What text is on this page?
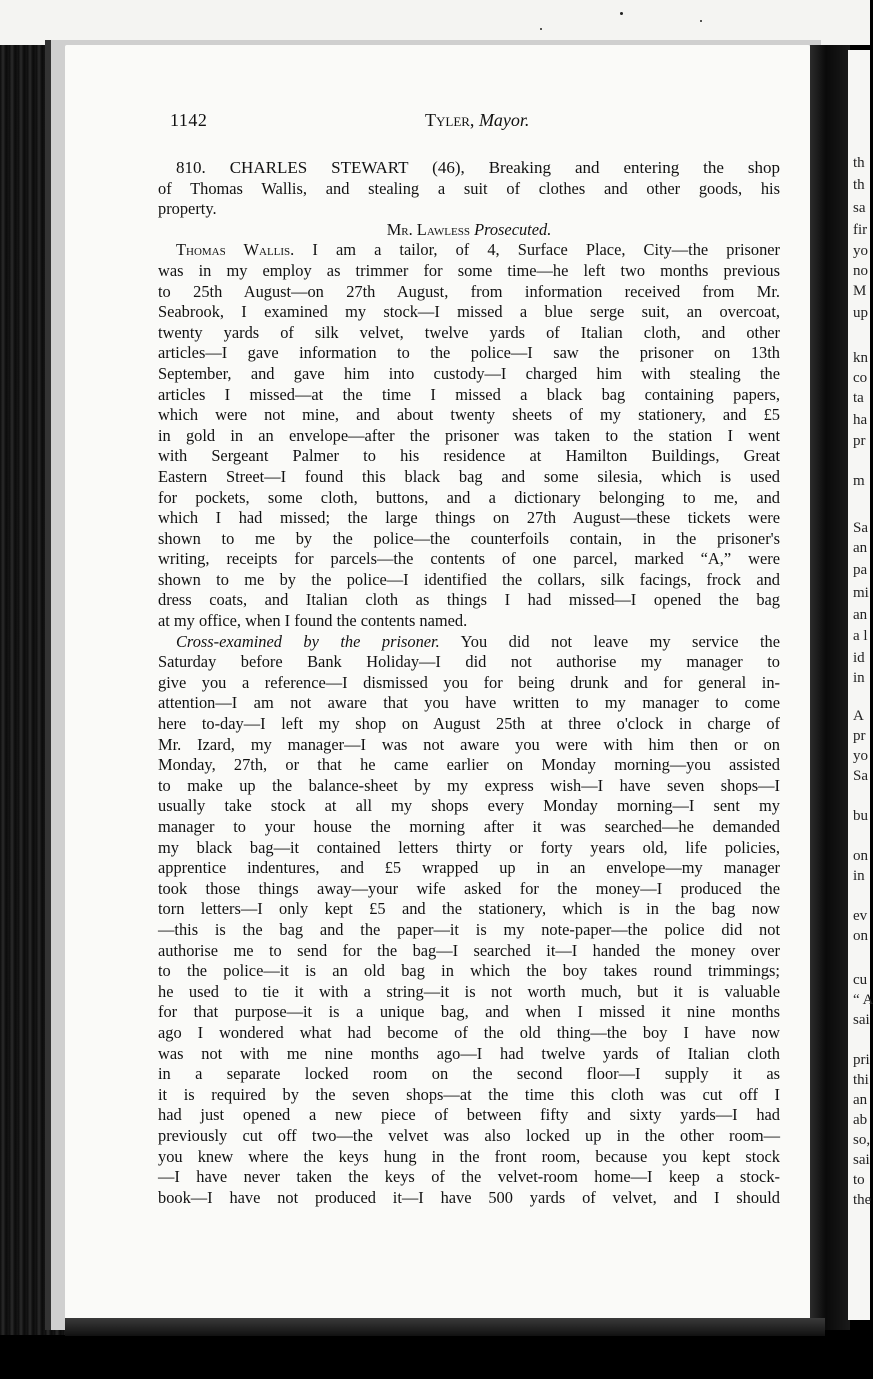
th
th
sa
fir
yo
no
M
up
kn
co
ta
ha
pr
m
Sa
an
pa
mi
an
a l
id
in
A
pr
yo
Sa
bu
on
in
ev
on
cu
“ A
sai
pri
thi
an
ab
so,
sai
to
the
1142	Tyler, Mayor.
810. CHARLES STEWART (46), Breaking and entering the shop
of Thomas Wallis, and stealing a suit of clothes and other goods, his
property.
Mr. Lawless Prosecuted.
Thomas Wallis. I am a tailor, of 4, Surface Place, City—the prisoner
was in my employ as trimmer for some time—he left two months previous
to 25th August—on 27th August, from information received from Mr.
Seabrook, I examined my stock—I missed a blue serge suit, an overcoat,
twenty yards of silk velvet, twelve yards of Italian cloth, and other
articles—I gave information to the police—I saw the prisoner on 13th
September, and gave him into custody—I charged him with stealing the
articles I missed—at the time I missed a black bag containing papers,
which were not mine, and about twenty sheets of my stationery, and £5
in gold in an envelope—after the prisoner was taken to the station I went
with Sergeant Palmer to his residence at Hamilton Buildings, Great
Eastern Street—I found this black bag and some silesia, which is used
for pockets, some cloth, buttons, and a dictionary belonging to me, and
which I had missed; the large things on 27th August—these tickets were
shown to me by the police—the counterfoils contain, in the prisoner's
writing, receipts for parcels—the contents of one parcel, marked “A,” were
shown to me by the police—I identified the collars, silk facings, frock and
dress coats, and Italian cloth as things I had missed—I opened the bag
at my office, when I found the contents named.
Cross-examined by the prisoner. You did not leave my service the
Saturday before Bank Holiday—I did not authorise my manager to
give you a reference—I dismissed you for being drunk and for general in-
attention—I am not aware that you have written to my manager to come
here to-day—I left my shop on August 25th at three o'clock in charge of
Mr. Izard, my manager—I was not aware you were with him then or on
Monday, 27th, or that he came earlier on Monday morning—you assisted
to make up the balance-sheet by my express wish—I have seven shops—I
usually take stock at all my shops every Monday morning—I sent my
manager to your house the morning after it was searched—he demanded
my black bag—it contained letters thirty or forty years old, life policies,
apprentice indentures, and £5 wrapped up in an envelope—my manager
took those things away—your wife asked for the money—I produced the
torn letters—I only kept £5 and the stationery, which is in the bag now
—this is the bag and the paper—it is my note-paper—the police did not
authorise me to send for the bag—I searched it—I handed the money over
to the police—it is an old bag in which the boy takes round trimmings;
he used to tie it with a string—it is not worth much, but it is valuable
for that purpose—it is a unique bag, and when I missed it nine months
ago I wondered what had become of the old thing—the boy I have now
was not with me nine months ago—I had twelve yards of Italian cloth
in a separate locked room on the second floor—I supply it as
it is required by the seven shops—at the time this cloth was cut off I
had just opened a new piece of between fifty and sixty yards—I had
previously cut off two—the velvet was also locked up in the other room—
you knew where the keys hung in the front room, because you kept stock
—I have never taken the keys of the velvet-room home—I keep a stock-
book—I have not produced it—I have 500 yards of velvet, and I should
